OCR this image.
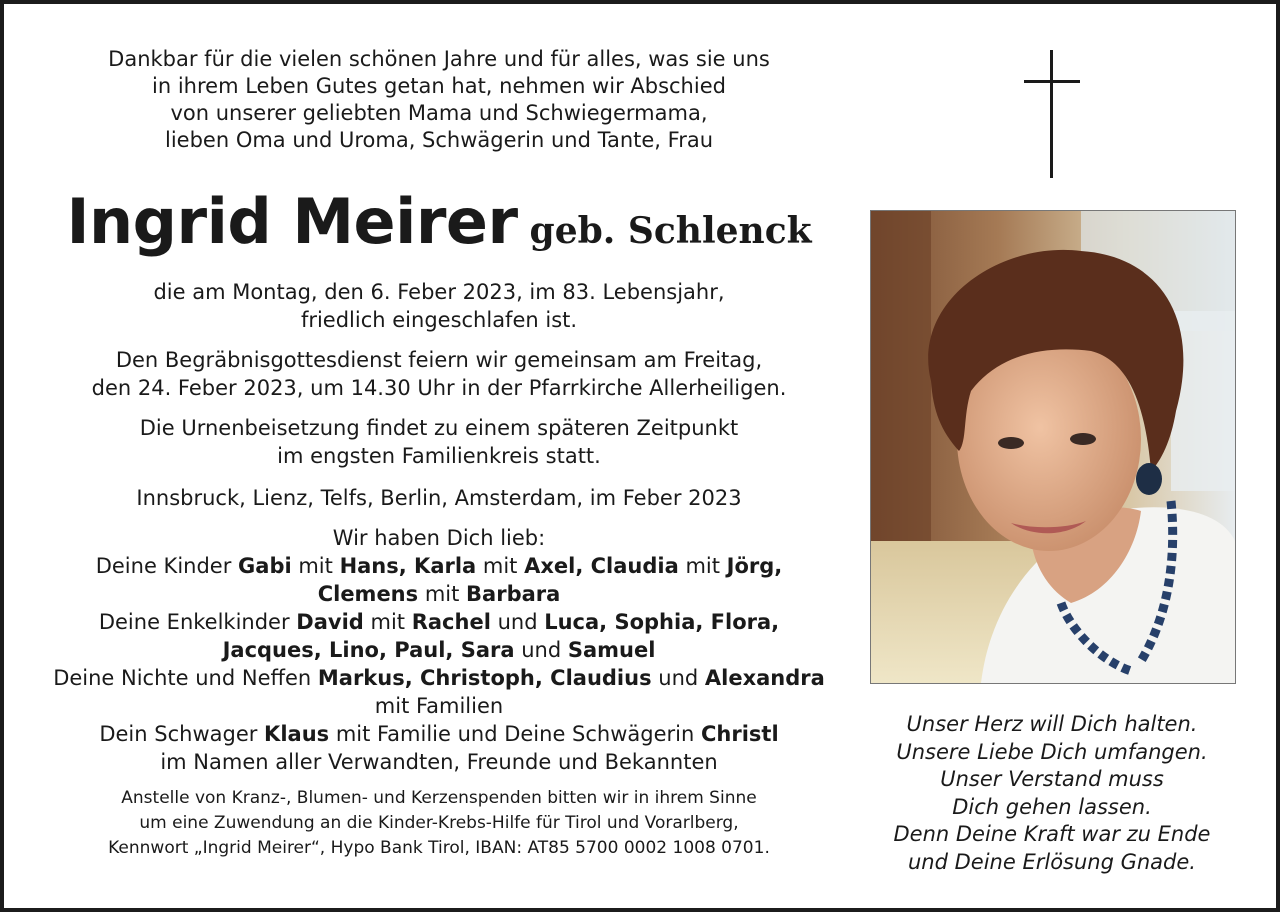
Dankbar für die vielen schönen Jahre und für alles, was sie uns
in ihrem Leben Gutes getan hat, nehmen wir Abschied
von unserer geliebten Mama und Schwiegermama,
lieben Oma und Uroma, Schwägerin und Tante, Frau
Ingrid Meirer geb. Schlenck
die am Montag, den 6. Feber 2023, im 83. Lebensjahr,
friedlich eingeschlafen ist.
Den Begräbnisgottesdienst feiern wir gemeinsam am Freitag,
den 24. Feber 2023, um 14.30 Uhr in der Pfarrkirche Allerheiligen.
Die Urnenbeisetzung findet zu einem späteren Zeitpunkt
im engsten Familienkreis statt.
Innsbruck, Lienz, Telfs, Berlin, Amsterdam, im Feber 2023
Wir haben Dich lieb:
Deine Kinder Gabi mit Hans, Karla mit Axel, Claudia mit Jörg,
Clemens mit Barbara
Deine Enkelkinder David mit Rachel und Luca, Sophia, Flora,
Jacques, Lino, Paul, Sara und Samuel
Deine Nichte und Neffen Markus, Christoph, Claudius und Alexandra
mit Familien
Dein Schwager Klaus mit Familie und Deine Schwägerin Christl
im Namen aller Verwandten, Freunde und Bekannten
Anstelle von Kranz-, Blumen- und Kerzenspenden bitten wir in ihrem Sinne
um eine Zuwendung an die Kinder-Krebs-Hilfe für Tirol und Vorarlberg,
Kennwort „Ingrid Meirer“, Hypo Bank Tirol, IBAN: AT85 5700 0002 1008 0701.
Unser Herz will Dich halten.
Unsere Liebe Dich umfangen.
Unser Verstand muss
Dich gehen lassen.
Denn Deine Kraft war zu Ende
und Deine Erlösung Gnade.
